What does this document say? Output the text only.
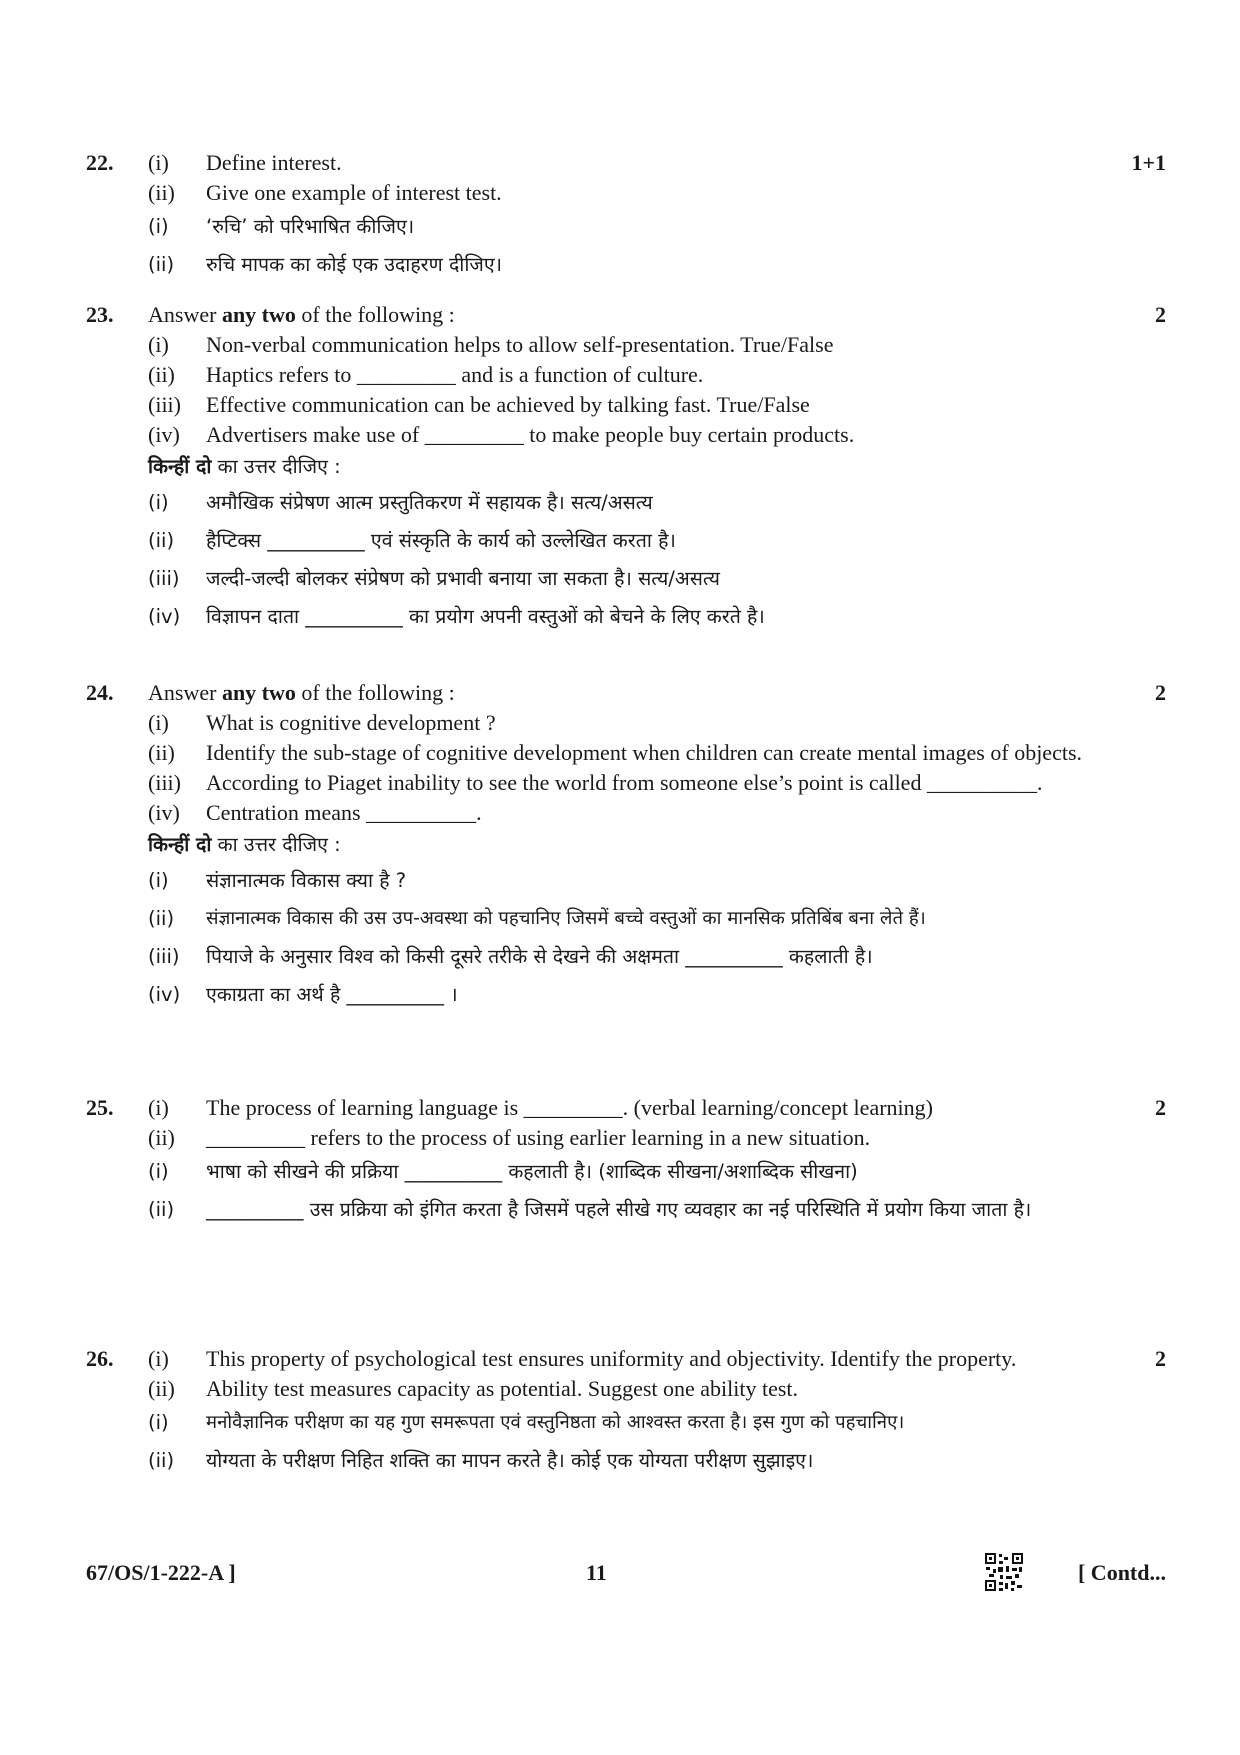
22.	(i)	Define interest.	1+1
(ii)	Give one example of interest test.
(i)	‘रुचि’ को परिभाषित कीजिए।
(ii)	रुचि मापक का कोई एक उदाहरण दीजिए।
23.	Answer any two of the following :	2
(i)	Non-verbal communication helps to allow self-presentation. True/False
(ii)	Haptics refers to _________ and is a function of culture.
(iii)	Effective communication can be achieved by talking fast. True/False
(iv)	Advertisers make use of _________ to make people buy certain products.
किन्हीं दो का उत्तर दीजिए :
(i)	अमौखिक संप्रेषण आत्म प्रस्तुतिकरण में सहायक है। सत्य/असत्य
(ii)	हैप्टिक्स __________ एवं संस्कृति के कार्य को उल्लेखित करता है।
(iii)	जल्दी-जल्दी बोलकर संप्रेषण को प्रभावी बनाया जा सकता है। सत्य/असत्य
(iv)	विज्ञापन दाता __________ का प्रयोग अपनी वस्तुओं को बेचने के लिए करते है।
24.	Answer any two of the following :	2
(i)	What is cognitive development ?
(ii)	Identify the sub-stage of cognitive development when children can create mental images of objects.
(iii)	According to Piaget inability to see the world from someone else’s point is called __________.
(iv)	Centration means __________.
किन्हीं दो का उत्तर दीजिए :
(i)	संज्ञानात्मक विकास क्या है ?
(ii)	संज्ञानात्मक विकास की उस उप-अवस्था को पहचानिए जिसमें बच्चे वस्तुओं का मानसिक प्रतिबिंब बना लेते हैं।
(iii)	पियाजे के अनुसार विश्व को किसी दूसरे तरीके से देखने की अक्षमता __________ कहलाती है।
(iv)	एकाग्रता का अर्थ है __________ ।
25.	(i)	The process of learning language is _________. (verbal learning/concept learning)	2
(ii)	_________ refers to the process of using earlier learning in a new situation.
(i)	भाषा को सीखने की प्रक्रिया __________ कहलाती है। (शाब्दिक सीखना/अशाब्दिक सीखना)
(ii)	__________ उस प्रक्रिया को इंगित करता है जिसमें पहले सीखे गए व्यवहार का नई परिस्थिति में प्रयोग किया जाता है।
26.	(i)	This property of psychological test ensures uniformity and objectivity. Identify the property.	2
(ii)	Ability test measures capacity as potential. Suggest one ability test.
(i)	मनोवैज्ञानिक परीक्षण का यह गुण समरूपता एवं वस्तुनिष्ठता को आश्वस्त करता है। इस गुण को पहचानिए।
(ii)	योग्यता के परीक्षण निहित शक्ति का मापन करते है। कोई एक योग्यता परीक्षण सुझाइए।
67/OS/1-222-A ]	11	[ Contd...
